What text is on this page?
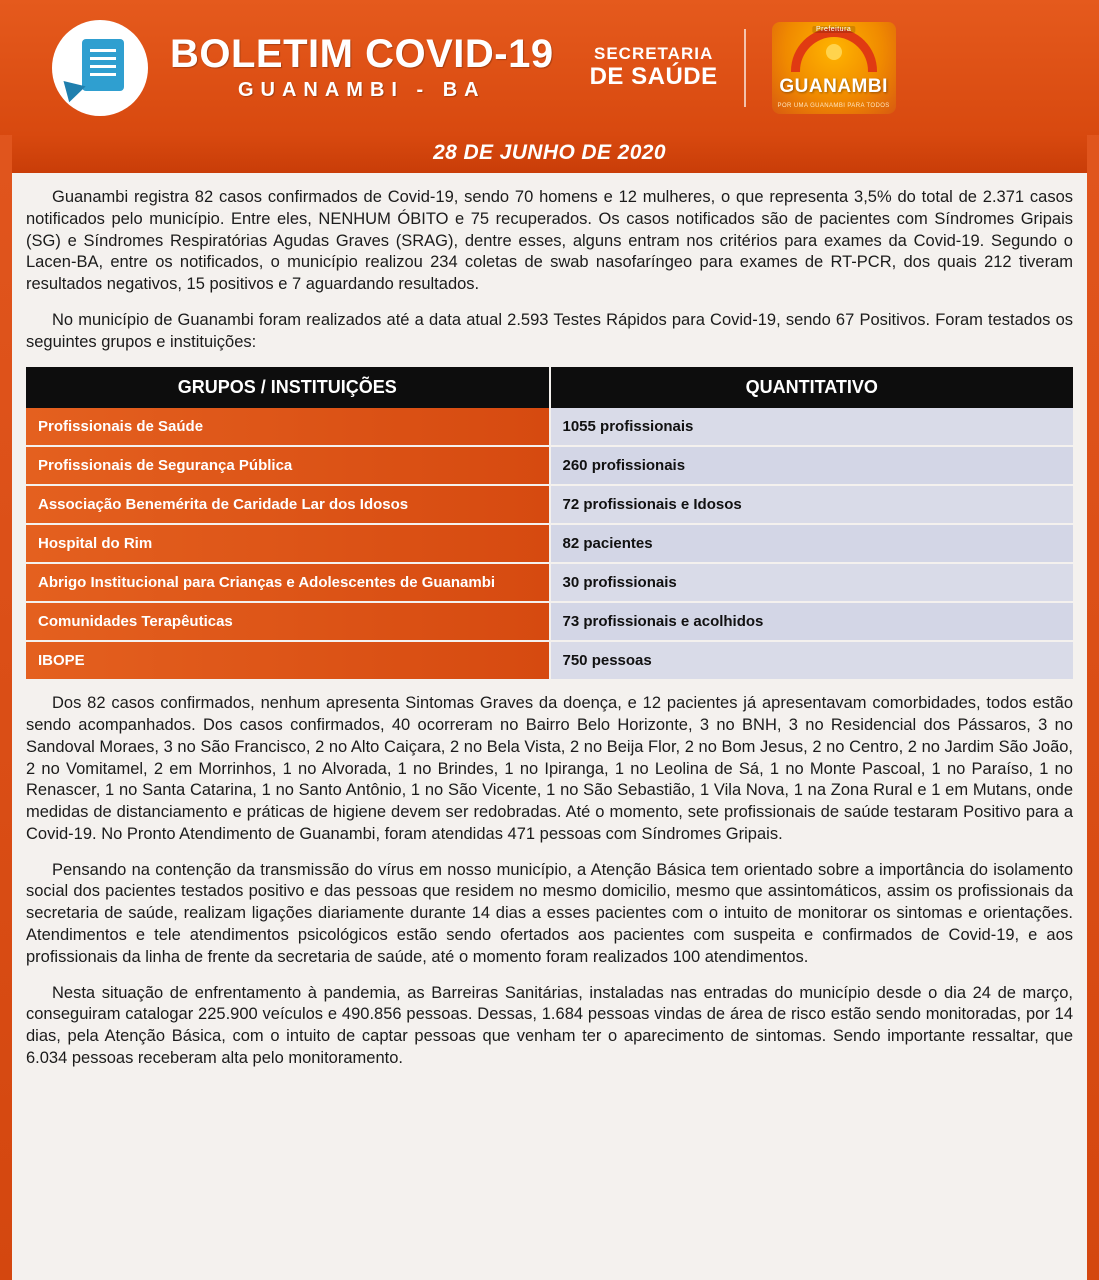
BOLETIM COVID-19
GUANAMBI - BA
SECRETARIA
DE SAÚDE
Prefeitura
GUANAMBI
POR UMA GUANAMBI PARA TODOS
28 DE JUNHO DE 2020

Guanambi registra 82 casos confirmados de Covid-19, sendo 70 homens e 12 mulheres, o que representa 3,5% do total de 2.371 casos notificados pelo município. Entre eles, NENHUM ÓBITO e 75 recuperados. Os casos notificados são de pacientes com Síndromes Gripais (SG) e Síndromes Respiratórias Agudas Graves (SRAG), dentre esses, alguns entram nos critérios para exames da Covid-19. Segundo o Lacen-BA, entre os notificados, o município realizou 234 coletas de swab nasofaríngeo para exames de RT-PCR, dos quais 212 tiveram resultados negativos, 15 positivos e 7 aguardando resultados.

No município de Guanambi foram realizados até a data atual 2.593 Testes Rápidos para Covid-19, sendo 67 Positivos. Foram testados os seguintes grupos e instituições:

GRUPOS / INSTITUIÇÕES	QUANTITATIVO
Profissionais de Saúde	1055 profissionais
Profissionais de Segurança Pública	260 profissionais
Associação Benemérita de Caridade Lar dos Idosos	72 profissionais e Idosos
Hospital do Rim	82 pacientes
Abrigo Institucional para Crianças e Adolescentes de Guanambi	30 profissionais
Comunidades Terapêuticas	73 profissionais e acolhidos
IBOPE	750 pessoas

Dos 82 casos confirmados, nenhum apresenta Sintomas Graves da doença, e 12 pacientes já apresentavam comorbidades, todos estão sendo acompanhados. Dos casos confirmados, 40 ocorreram no Bairro Belo Horizonte, 3 no BNH, 3 no Residencial dos Pássaros, 3 no Sandoval Moraes, 3 no São Francisco, 2 no Alto Caiçara, 2 no Bela Vista, 2 no Beija Flor, 2 no Bom Jesus, 2 no Centro, 2 no Jardim São João, 2 no Vomitamel, 2 em Morrinhos, 1 no Alvorada, 1 no Brindes, 1 no Ipiranga, 1 no Leolina de Sá, 1 no Monte Pascoal, 1 no Paraíso, 1 no Renascer, 1 no Santa Catarina, 1 no Santo Antônio, 1 no São Vicente, 1 no São Sebastião, 1 Vila Nova, 1 na Zona Rural e 1 em Mutans, onde medidas de distanciamento e práticas de higiene devem ser redobradas. Até o momento, sete profissionais de saúde testaram Positivo para a Covid-19. No Pronto Atendimento de Guanambi, foram atendidas 471 pessoas com Síndromes Gripais.

Pensando na contenção da transmissão do vírus em nosso município, a Atenção Básica tem orientado sobre a importância do isolamento social dos pacientes testados positivo e das pessoas que residem no mesmo domicilio, mesmo que assintomáticos, assim os profissionais da secretaria de saúde, realizam ligações diariamente durante 14 dias a esses pacientes com o intuito de monitorar os sintomas e orientações. Atendimentos e tele atendimentos psicológicos estão sendo ofertados aos pacientes com suspeita e confirmados de Covid-19, e aos profissionais da linha de frente da secretaria de saúde, até o momento foram realizados 100 atendimentos.

Nesta situação de enfrentamento à pandemia, as Barreiras Sanitárias, instaladas nas entradas do município desde o dia 24 de março, conseguiram catalogar 225.900 veículos e 490.856 pessoas. Dessas, 1.684 pessoas vindas de área de risco estão sendo monitoradas, por 14 dias, pela Atenção Básica, com o intuito de captar pessoas que venham ter o aparecimento de sintomas. Sendo importante ressaltar, que 6.034 pessoas receberam alta pelo monitoramento.
